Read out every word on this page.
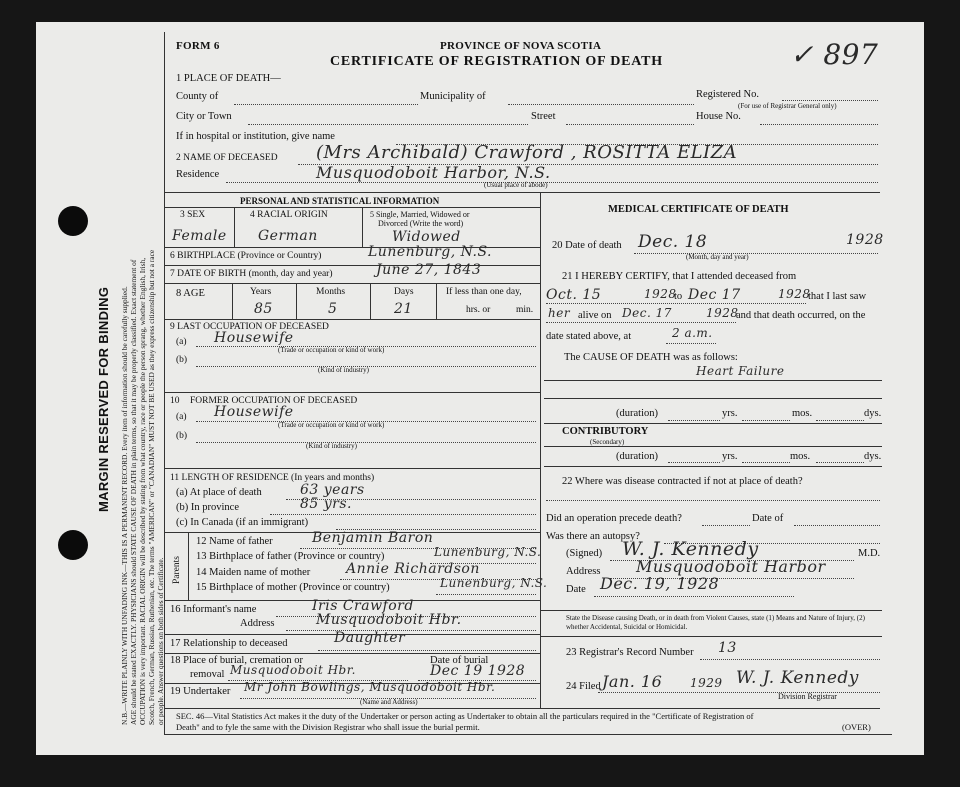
MARGIN RESERVED FOR BINDING N.B.—WRITE PLAINLY WITH UNFADING INK—THIS IS A PERMANENT RECORD. Every item of information should be carefully supplied. AGE should be stated EXACTLY. PHYSICIANS should STATE CAUSE OF DEATH in plain terms, so that it may be properly classified. Exact statement of OCCUPATION is very important. RACIAL ORIGIN will be described by stating from what country, race or people the person sprang, whether English, Irish, Scotch, French, German, Russian, Ruthenian, etc. The terms "AMERICAN" or "CANADIAN" MUST NOT BE USED as they express citizenship but not a race or people. Answer questions on both sides of Certificate.
FORM 6	PROVINCE OF NOVA SCOTIA
CERTIFICATE OF REGISTRATION OF DEATH	✓ 897
1 PLACE OF DEATH—
County of	Municipality of	Registered No.
(For use of Registrar General only)
City or Town	Street	House No.
If in hospital or institution, give name
2 NAME OF DECEASED (Mrs Archibald) Crawford , ROSITTA ELIZA
Residence	Musquodoboit Harbor, N.S.
(Usual place of abode)
PERSONAL AND STATISTICAL INFORMATION
3 SEX	4 RACIAL ORIGIN	5 Single, Married, Widowed or
Divorced (Write the word)
Female German	Widowed
6 BIRTHPLACE (Province or Country)	Lunenburg, N.S.
7 DATE OF BIRTH (month, day and year)	June 27, 1843
8 AGE	Years	Months	Days	If less than one day,
hrs. or	min.
85	5	21
9 LAST OCCUPATION OF DECEASED
(a) Housewife
(Trade or occupation or kind of work)
(b)
(Kind of industry)
10 FORMER OCCUPATION OF DECEASED
(a) Housewife
(Trade or occupation or kind of work)
(b)
(Kind of industry)
11 LENGTH OF RESIDENCE (In years and months)
(a) At place of death	63 years
(b) In province	85 yrs.
(c) In Canada (if an immigrant)
Parents
12 Name of father	Benjamin Baron
13 Birthplace of father (Province or country)	Lunenburg, N.S.
14 Maiden name of mother	Annie Richardson
15 Birthplace of mother (Province or country)	Lunenburg, N.S.
16 Informant's name	Iris Crawford
Address	Musquodoboit Hbr.
17 Relationship to deceased	Daughter
18 Place of burial, cremation or
removal Musquodoboit Hbr.
Date of burial
Dec 19 1928
19 Undertaker Mr John Bowlings, Musquodoboit Hbr.
(Name and Address)
MEDICAL CERTIFICATE OF DEATH
20 Date of death Dec. 18	1928
(Month, day and year)
21 I HEREBY CERTIFY, that I attended deceased from
Oct. 15	1928
to Dec 17	1928
that I last saw
her alive on Dec. 17	1928
and that death occurred, on the
date stated above, at	2 a.m.
The CAUSE OF DEATH was as follows:
Heart Failure
(duration)	yrs.	mos.	dys.
CONTRIBUTORY
(Secondary)
(duration)	yrs.	mos.	dys.
22 Where was disease contracted if not at place of death?
Did an operation precede death?	Date of
Was there an autopsy?
(Signed) W. J. Kennedy	M.D.
Address Musquodoboit Harbor
Date Dec. 19, 1928
State the Disease causing Death, or in death from Violent Causes, state (1) Means and Nature of Injury, (2) whether Accidental, Suicidal or Homicidal.
23 Registrar's Record Number 13
24 Filed Jan. 16 1929 W. J. Kennedy
Division Registrar
SEC. 46—Vital Statistics Act makes it the duty of the Undertaker or person acting as Undertaker to obtain all the particulars required in the "Certificate of Registration of
Death" and to fyle the same with the Division Registrar who shall issue the burial permit.	(OVER)
